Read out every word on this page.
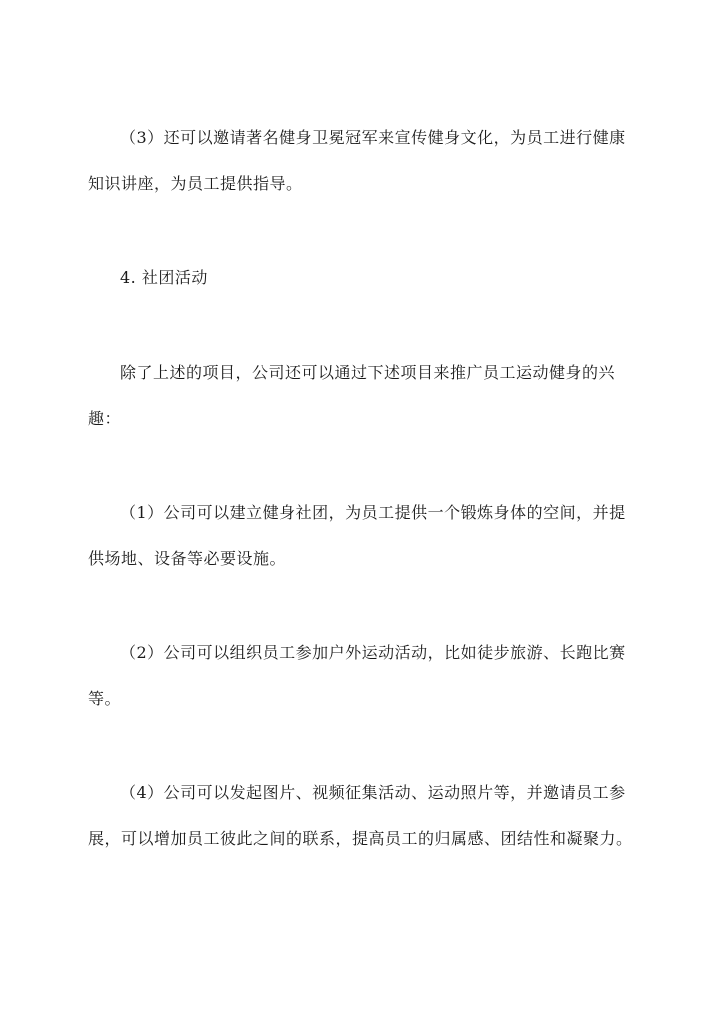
（3）还可以邀请著名健身卫冕冠军来宣传健身文化，为员工进行健康知识讲座，为员工提供指导。

4. 社团活动

除了上述的项目，公司还可以通过下述项目来推广员工运动健身的兴趣：

（1）公司可以建立健身社团，为员工提供一个锻炼身体的空间，并提供场地、设备等必要设施。

（2）公司可以组织员工参加户外运动活动，比如徒步旅游、长跑比赛等。

（4）公司可以发起图片、视频征集活动、运动照片等，并邀请员工参展，可以增加员工彼此之间的联系，提高员工的归属感、团结性和凝聚力。
